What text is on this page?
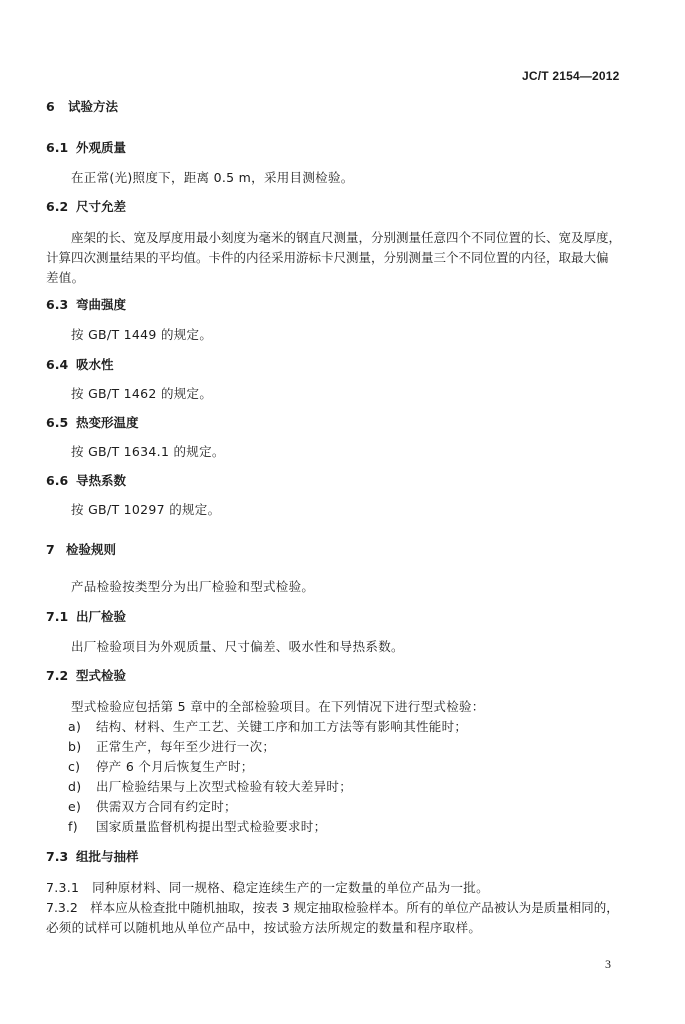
JC/T 2154—2012
6 试验方法
6.1 外观质量
在正常(光)照度下，距离 0.5 m，采用目测检验。
6.2 尺寸允差
座架的长、宽及厚度用最小刻度为毫米的钢直尺测量，分别测量任意四个不同位置的长、宽及厚度，
计算四次测量结果的平均值。卡件的内径采用游标卡尺测量，分别测量三个不同位置的内径，取最大偏
差值。
6.3 弯曲强度
按 GB/T 1449 的规定。
6.4 吸水性
按 GB/T 1462 的规定。
6.5 热变形温度
按 GB/T 1634.1 的规定。
6.6 导热系数
按 GB/T 10297 的规定。
7 检验规则
产品检验按类型分为出厂检验和型式检验。
7.1 出厂检验
出厂检验项目为外观质量、尺寸偏差、吸水性和导热系数。
7.2 型式检验
型式检验应包括第 5 章中的全部检验项目。在下列情况下进行型式检验：
a) 结构、材料、生产工艺、关键工序和加工方法等有影响其性能时；
b) 正常生产，每年至少进行一次；
c) 停产 6 个月后恢复生产时；
d) 出厂检验结果与上次型式检验有较大差异时；
e) 供需双方合同有约定时；
f) 国家质量监督机构提出型式检验要求时；
7.3 组批与抽样
7.3.1　同种原材料、同一规格、稳定连续生产的一定数量的单位产品为一批。
7.3.2　样本应从检查批中随机抽取，按表 3 规定抽取检验样本。所有的单位产品被认为是质量相同的，
必须的试样可以随机地从单位产品中，按试验方法所规定的数量和程序取样。
3
